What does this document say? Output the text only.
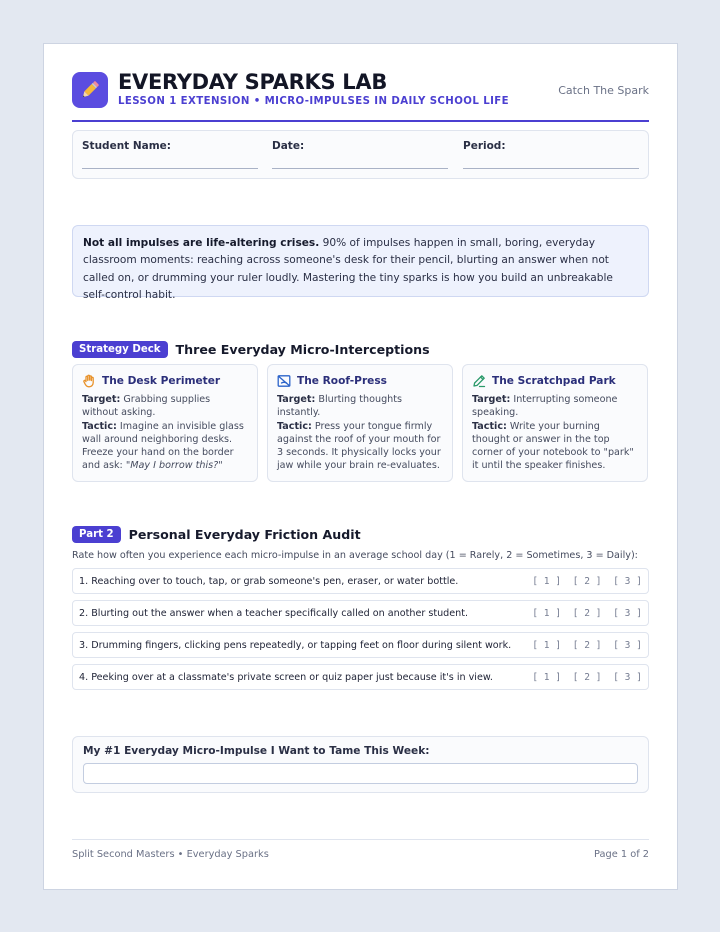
EVERYDAY SPARKS LAB
LESSON 1 EXTENSION • MICRO-IMPULSES IN DAILY SCHOOL LIFE
Catch The Spark
Student Name:	Date:	Period:
Not all impulses are life-altering crises. 90% of impulses happen in small, boring, everyday classroom moments: reaching across someone's desk for their pencil, blurting an answer when not called on, or drumming your ruler loudly. Mastering the tiny sparks is how you build an unbreakable self-control habit.
Strategy Deck	Three Everyday Micro-Interceptions
The Desk Perimeter
Target: Grabbing supplies without asking.
Tactic: Imagine an invisible glass wall around neighboring desks. Freeze your hand on the border and ask: "May I borrow this?"
The Roof-Press
Target: Blurting thoughts instantly.
Tactic: Press your tongue firmly against the roof of your mouth for 3 seconds. It physically locks your jaw while your brain re-evaluates.
The Scratchpad Park
Target: Interrupting someone speaking.
Tactic: Write your burning thought or answer in the top corner of your notebook to "park" it until the speaker finishes.
Part 2	Personal Everyday Friction Audit
Rate how often you experience each micro-impulse in an average school day (1 = Rarely, 2 = Sometimes, 3 = Daily):
1. Reaching over to touch, tap, or grab someone's pen, eraser, or water bottle.	[ 1 ]  [ 2 ]  [ 3 ]
2. Blurting out the answer when a teacher specifically called on another student.	[ 1 ]  [ 2 ]  [ 3 ]
3. Drumming fingers, clicking pens repeatedly, or tapping feet on floor during silent work. [ 1 ]  [ 2 ]  [ 3 ]
4. Peeking over at a classmate's private screen or quiz paper just because it's in view.	[ 1 ]  [ 2 ]  [ 3 ]
My #1 Everyday Micro-Impulse I Want to Tame This Week:
Split Second Masters • Everyday Sparks	Page 1 of 2
